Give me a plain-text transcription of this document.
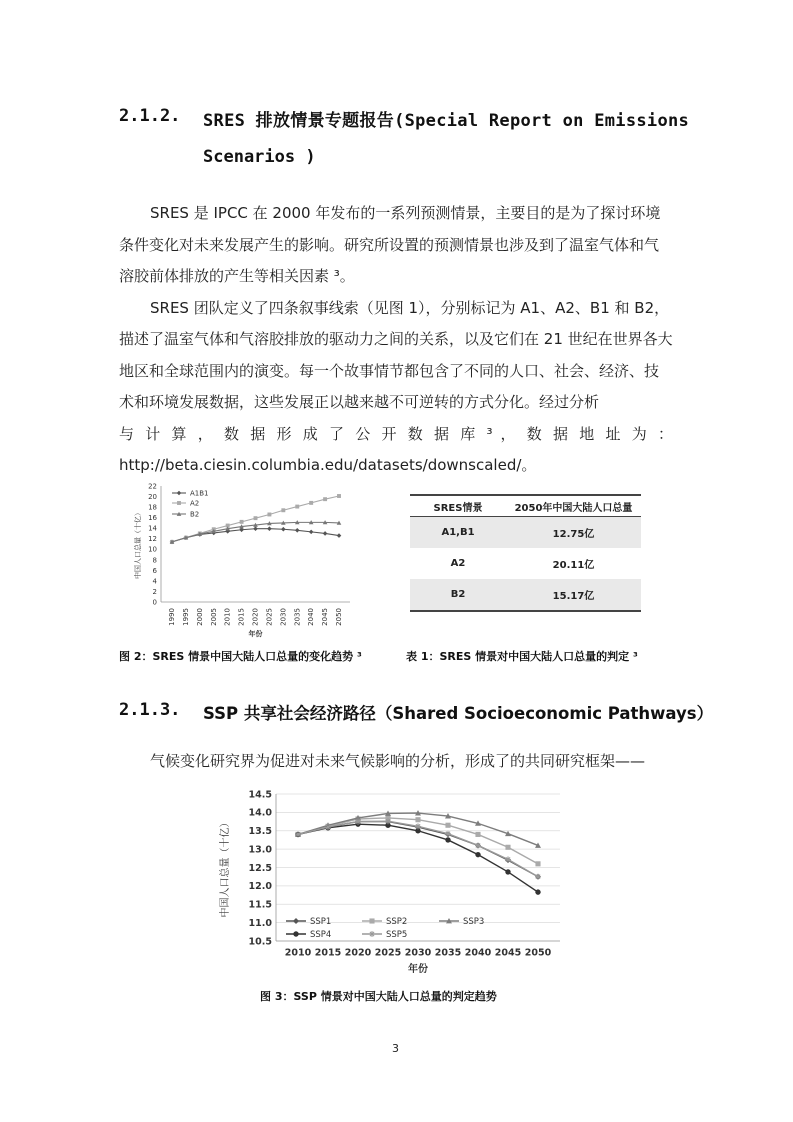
2.1.2. SRES 排放情景专题报告(Special Report on Emissions
Scenarios )

SRES 是 IPCC 在 2000 年发布的一系列预测情景，主要目的是为了探讨环境条件变化对未来发展产生的影响。研究所设置的预测情景也涉及到了温室气体和气溶胶前体排放的产生等相关因素 ³。

SRES 团队定义了四条叙事线索（见图 1），分别标记为 A1、A2、B1 和 B2，描述了温室气体和气溶胶排放的驱动力之间的关系，以及它们在 21 世纪在世界各大地区和全球范围内的演变。每一个故事情节都包含了不同的人口、社会、经济、技术和环境发展数据，这些发展正以越来越不可逆转的方式分化。经过分析

与 计 算 ， 数 据 形 成 了 公 开 数 据 库 ³ ， 数 据 地 址 为 ：

http://beta.ciesin.columbia.edu/datasets/downscaled/。

0
2
4
6
8
10
12
14
16
18
20
22
1990 1995 2000 2005 2010 2015 2020 2025 2030 2035 2040 2045 2050
年份
中国人口总量（十亿）
A1B1
A2
B2
SRES情景	2050年中国大陆人口总量
A1,B1	12.75亿
A2	20.11亿
B2	15.17亿
图 2：SRES 情景中国大陆人口总量的变化趋势 ³	表 1：SRES 情景对中国大陆人口总量的判定 ³
2.1.3. SSP 共享社会经济路径（Shared Socioeconomic Pathways）

气候变化研究界为促进对未来气候影响的分析，形成了的共同研究框架——

10.5
11.0
11.5
12.0
12.5
13.0
13.5
14.0
14.5
2010 2015 2020 2025 2030 2035 2040 2045 2050
年份
中国人口总量（十亿）
SSP1	SSP2	SSP3
SSP4	SSP5
图 3：SSP 情景对中国大陆人口总量的判定趋势
3
